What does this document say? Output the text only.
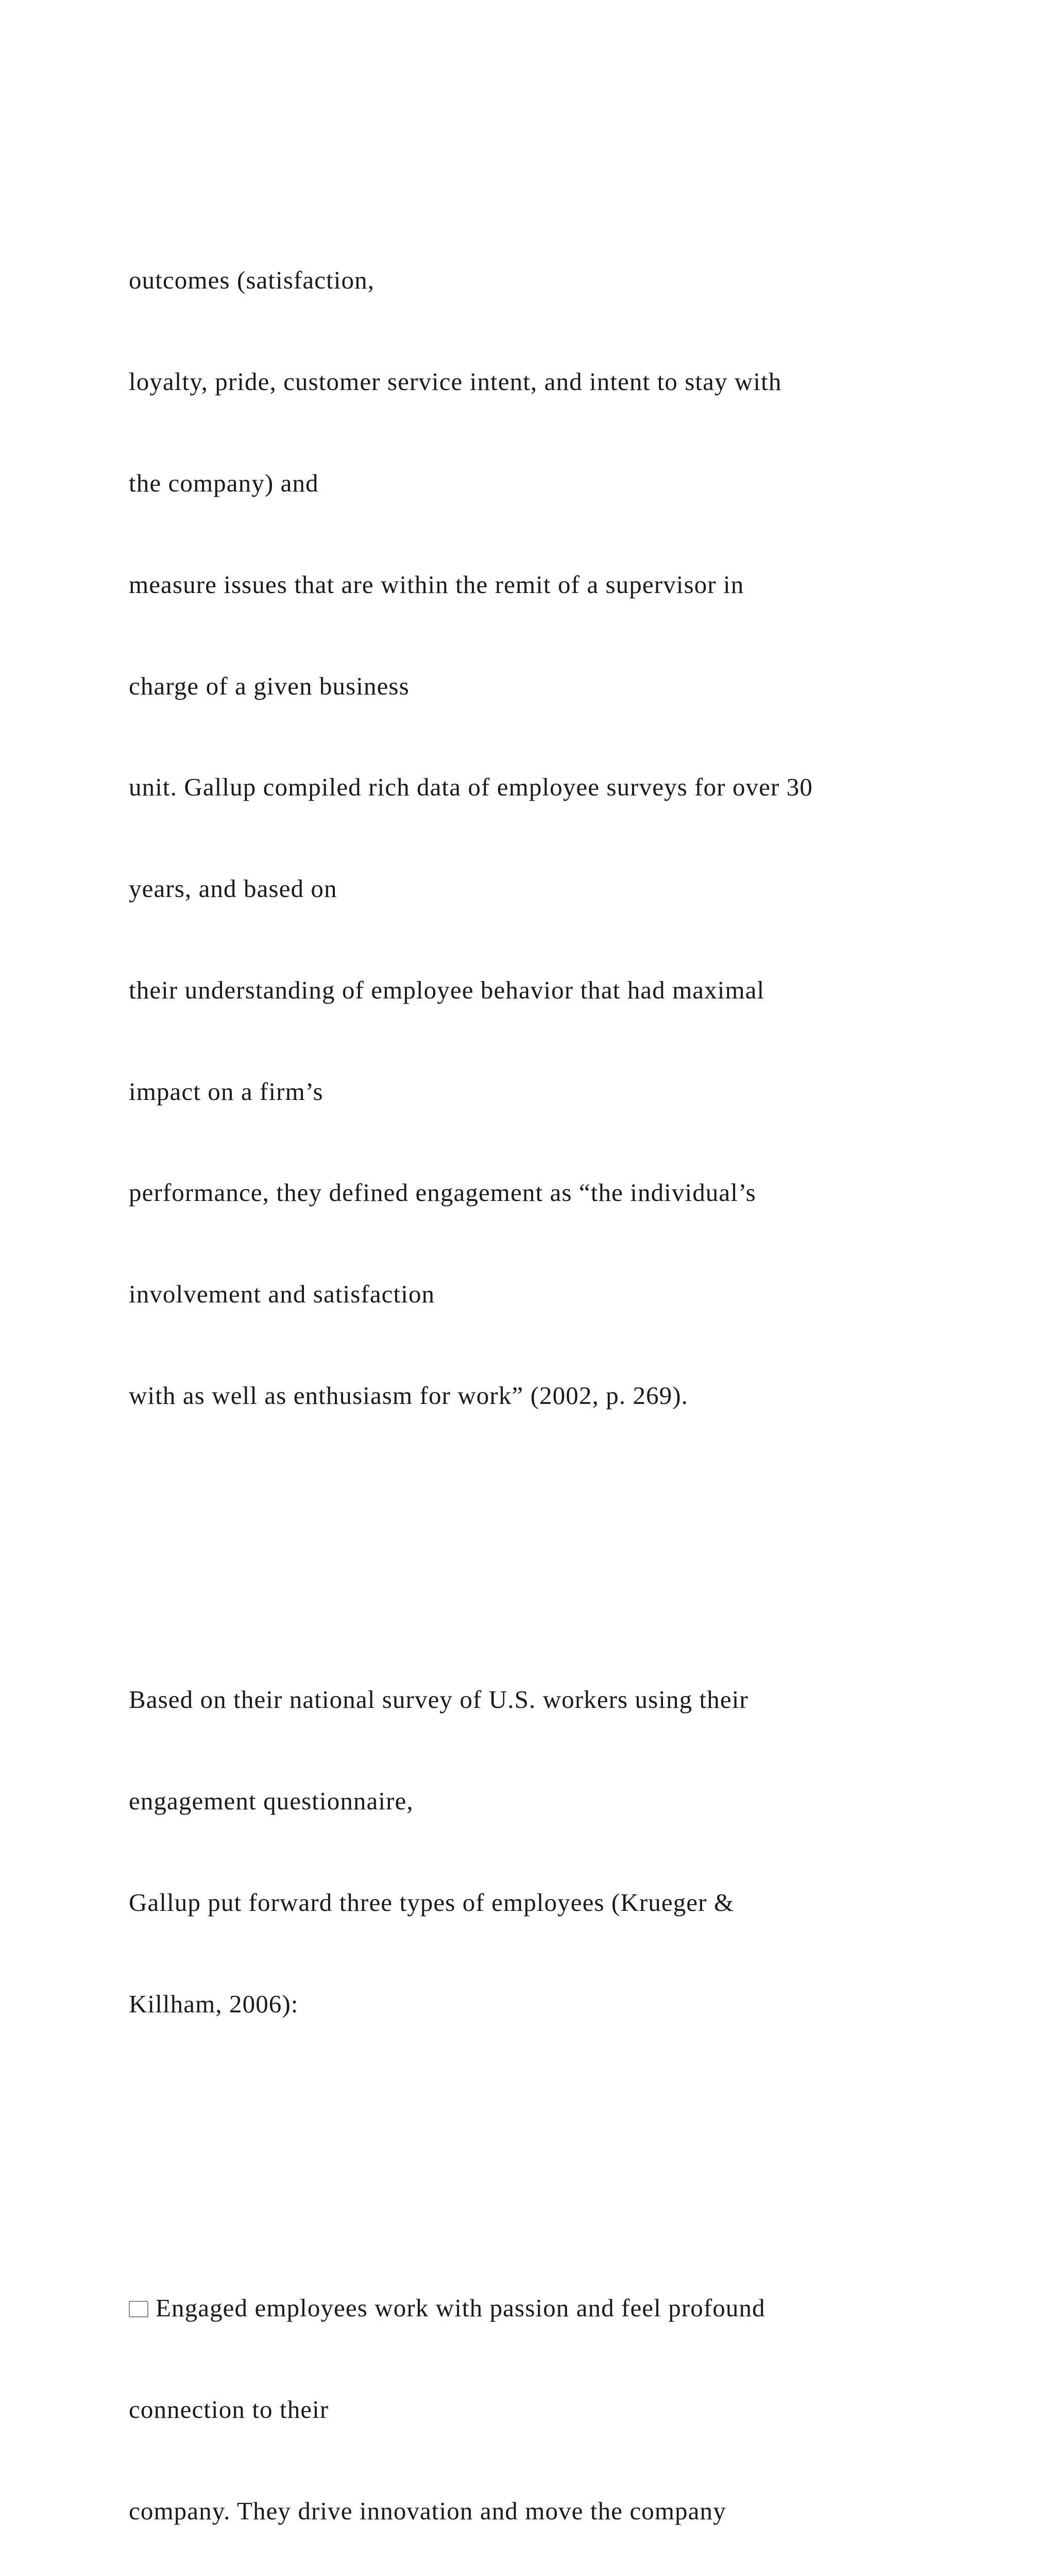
outcomes (satisfaction,

loyalty, pride, customer service intent, and intent to stay with

the company) and

measure issues that are within the remit of a supervisor in

charge of a given business

unit. Gallup compiled rich data of employee surveys for over 30

years, and based on

their understanding of employee behavior that had maximal

impact on a firm’s

performance, they defined engagement as “the individual’s

involvement and satisfaction

with as well as enthusiasm for work” (2002, p. 269).

Based on their national survey of U.S. workers using their

engagement questionnaire,

Gallup put forward three types of employees (Krueger &

Killham, 2006):

Engaged employees work with passion and feel profound

connection to their

company. They drive innovation and move the company
